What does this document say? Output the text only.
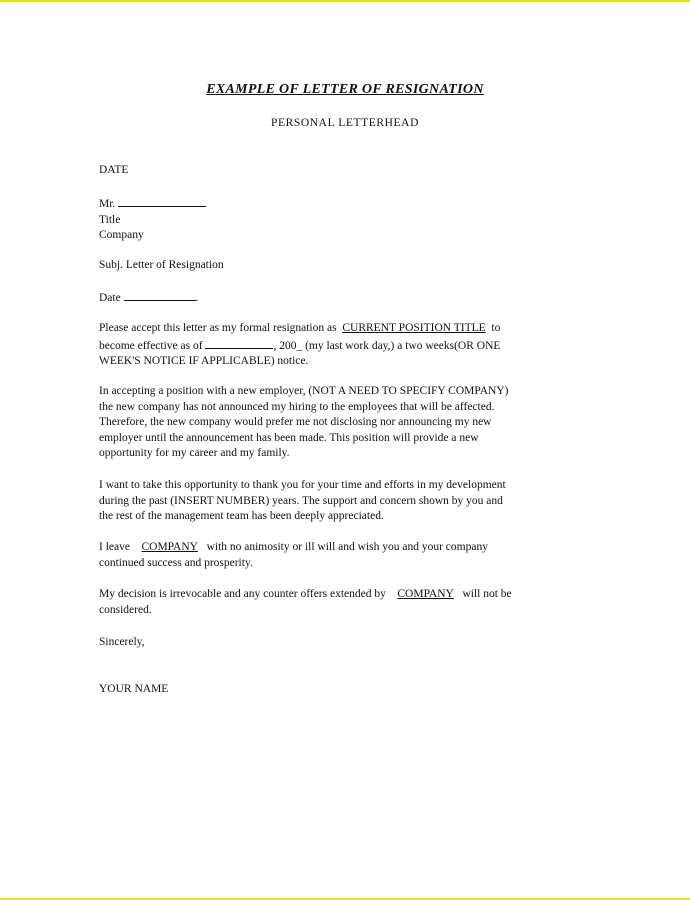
EXAMPLE OF LETTER OF RESIGNATION
PERSONAL LETTERHEAD
DATE
Mr.
Title
Company
Subj. Letter of Resignation
Date	.
Please accept this letter as my formal resignation as CURRENT POSITION TITLE to
become effective as of	, 200_ (my last work day,) a two weeks(OR ONE
WEEK'S NOTICE IF APPLICABLE) notice.
In accepting a position with a new employer, (NOT A NEED TO SPECIFY COMPANY)
the new company has not announced my hiring to the employees that will be affected.
Therefore, the new company would prefer me not disclosing nor announcing my new
employer until the announcement has been made. This position will provide a new
opportunity for my career and my family.
I want to take this opportunity to thank you for your time and efforts in my development
during the past (INSERT NUMBER) years. The support and concern shown by you and
the rest of the management team has been deeply appreciated.
I leave COMPANY with no animosity or ill will and wish you and your company
continued success and prosperity.
My decision is irrevocable and any counter offers extended by COMPANY will not be
considered.
Sincerely,
YOUR NAME
